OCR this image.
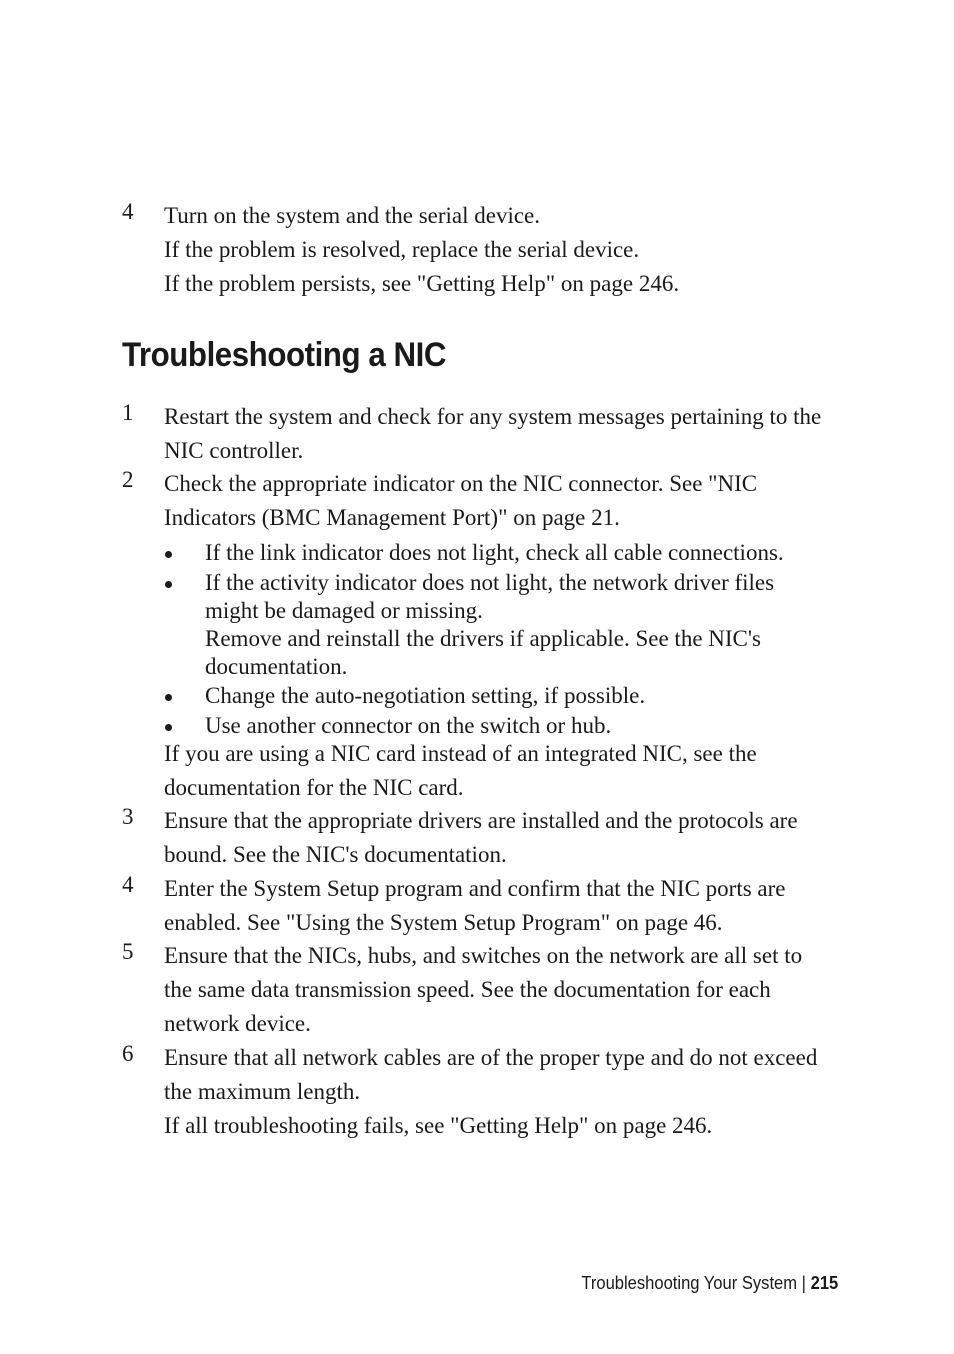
4 Turn on the system and the serial device.
If the problem is resolved, replace the serial device.
If the problem persists, see "Getting Help" on page 246.
Troubleshooting a NIC
1 Restart the system and check for any system messages pertaining to the
NIC controller.
2 Check the appropriate indicator on the NIC connector. See "NIC
Indicators (BMC Management Port)" on page 21.
If the link indicator does not light, check all cable connections.
If the activity indicator does not light, the network driver files
might be damaged or missing.
Remove and reinstall the drivers if applicable. See the NIC's
documentation.
Change the auto-negotiation setting, if possible.
Use another connector on the switch or hub.
If you are using a NIC card instead of an integrated NIC, see the
documentation for the NIC card.
3 Ensure that the appropriate drivers are installed and the protocols are
bound. See the NIC's documentation.
4 Enter the System Setup program and confirm that the NIC ports are
enabled. See "Using the System Setup Program" on page 46.
5 Ensure that the NICs, hubs, and switches on the network are all set to
the same data transmission speed. See the documentation for each
network device.
6 Ensure that all network cables are of the proper type and do not exceed
the maximum length.
If all troubleshooting fails, see "Getting Help" on page 246.
Troubleshooting Your System | 215
